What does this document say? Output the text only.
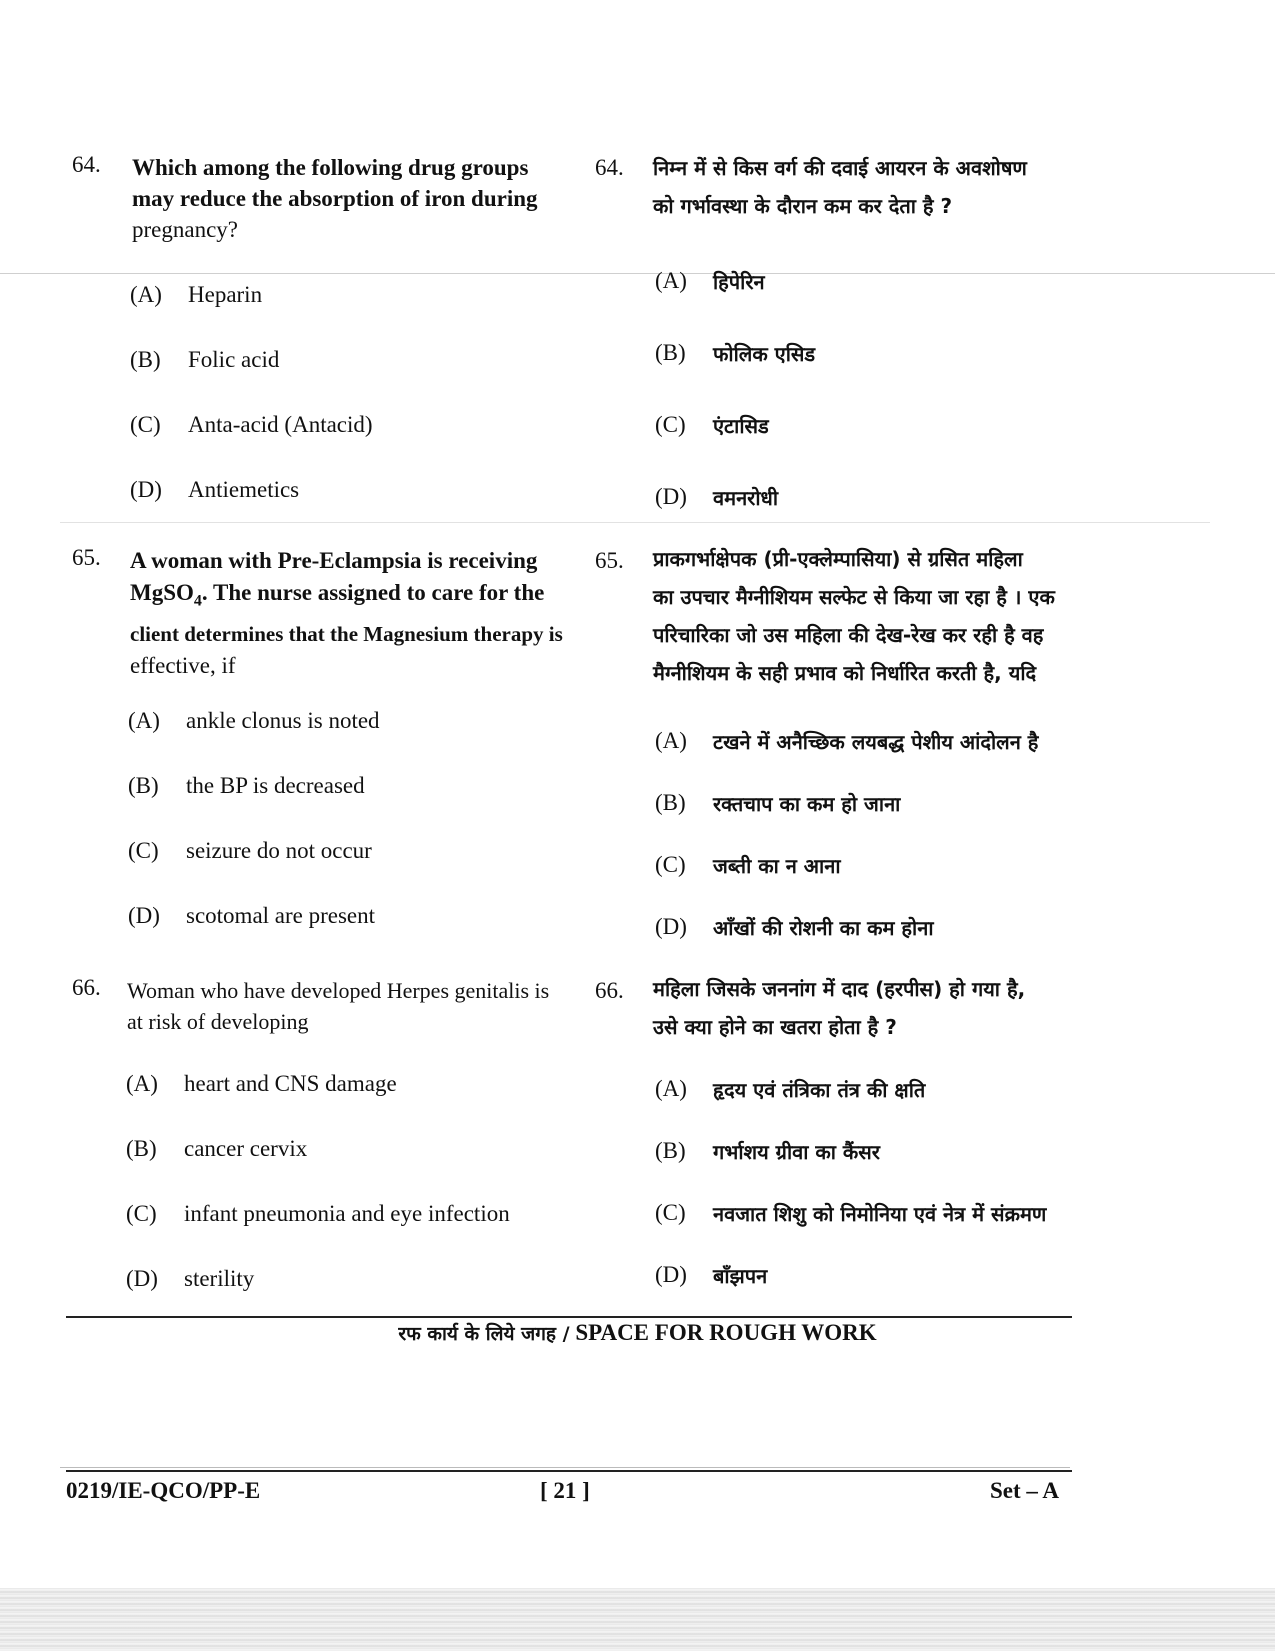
64. Which among the following drug groups
may reduce the absorption of iron during
pregnancy?
(A) Heparin
(B) Folic acid
(C) Anta-acid (Antacid)
(D) Antiemetics
65. A woman with Pre-Eclampsia is receiving
MgSO$_4$. The nurse assigned to care for the
client determines that the Magnesium therapy is
effective, if
(A) ankle clonus is noted
(B) the BP is decreased
(C) seizure do not occur
(D) scotomal are present
66. Woman who have developed Herpes genitalis is
at risk of developing
(A) heart and CNS damage
(B) cancer cervix
(C) infant pneumonia and eye infection
(D) sterility
64. निम्न में से किस वर्ग की दवाई आयरन के अवशोषण
को गर्भावस्था के दौरान कम कर देता है ?
(A) हिपेरिन
(B) फोलिक एसिड
(C) एंटासिड
(D) वमनरोधी
65. प्राकगर्भाक्षेपक (प्री-एक्लेम्पासिया) से ग्रसित महिला
का उपचार मैग्नीशियम सल्फेट से किया जा रहा है । एक
परिचारिका जो उस महिला की देख-रेख कर रही है वह
मैग्नीशियम के सही प्रभाव को निर्धारित करती है, यदि
(A) टखने में अनैच्छिक लयबद्ध पेशीय आंदोलन है
(B) रक्तचाप का कम हो जाना
(C) जब्ती का न आना
(D) आँखों की रोशनी का कम होना
66. महिला जिसके जननांग में दाद (हरपीस) हो गया है,
उसे क्या होने का खतरा होता है ?
(A) हृदय एवं तंत्रिका तंत्र की क्षति
(B) गर्भाशय ग्रीवा का कैंसर
(C) नवजात शिशु को निमोनिया एवं नेत्र में संक्रमण
(D) बाँझपन
रफ कार्य के लिये जगह / SPACE FOR ROUGH WORK
0219/IE-QCO/PP-E	[ 21 ]	Set – A
